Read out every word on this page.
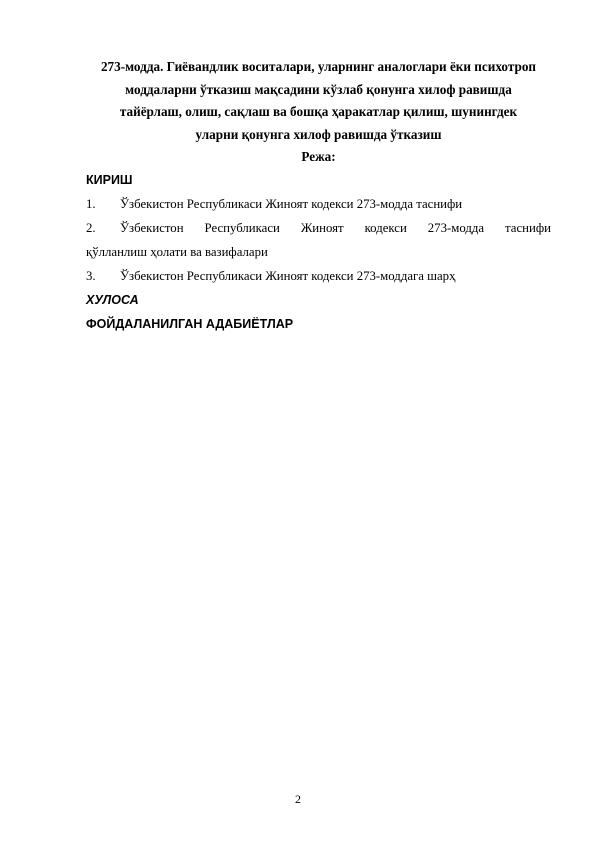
273-модда. Гиёвандлик воситалари, уларнинг аналоглари ёки психотроп
моддаларни ўтказиш мақсадини кўзлаб қонунга хилоф равишда
тайёрлаш, олиш, сақлаш ва бошқа ҳаракатлар қилиш, шунингдек
уларни қонунга хилоф равишда ўтказиш

Режа:

КИРИШ

1.	Ўзбекистон Республикаси Жиноят кодекси 273-модда таснифи
2.	Ўзбекистон Республикаси Жиноят кодекси 273-модда таснифи

қўлланлиш ҳолати ва вазифалари

3.	Ўзбекистон Республикаси Жиноят кодекси 273-моддага шарҳ

ХУЛОСА

ФОЙДАЛАНИЛГАН АДАБИЁТЛАР

2
